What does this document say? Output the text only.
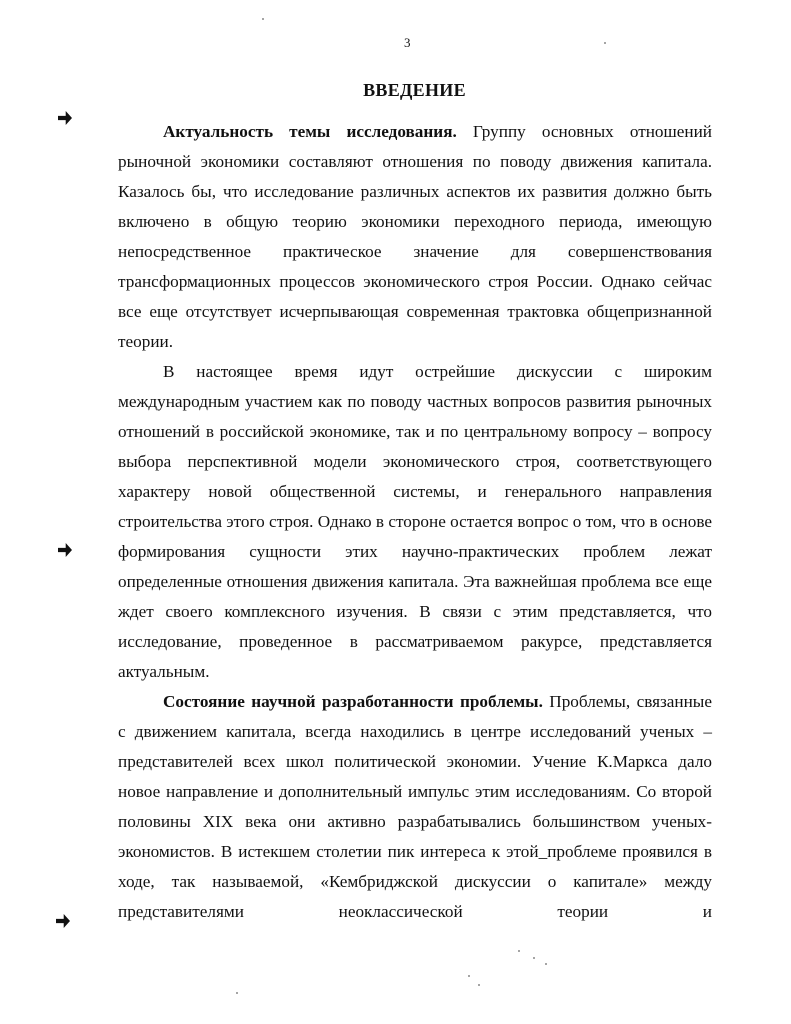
3
ВВЕДЕНИЕ

Актуальность темы исследования. Группу основных отношений рыночной экономики составляют отношения по поводу движения капитала. Казалось бы, что исследование различных аспектов их развития должно быть включено в общую теорию экономики переходного периода, имеющую непосредственное практическое значение для совершенствования трансформационных процессов экономического строя России. Однако сейчас все еще отсутствует исчерпывающая современная трактовка общепризнанной теории.

В настоящее время идут острейшие дискуссии с широким международным участием как по поводу частных вопросов развития рыночных отношений в российской экономике, так и по центральному вопросу – вопросу выбора перспективной модели экономического строя, соответствующего характеру новой общественной системы, и генерального направления строительства этого строя. Однако в стороне остается вопрос о том, что в основе формирования сущности этих научно-практических проблем лежат определенные отношения движения капитала. Эта важнейшая проблема все еще ждет своего комплексного изучения. В связи с этим представляется, что исследование, проведенное в рассматриваемом ракурсе, представляется актуальным.

Состояние научной разработанности проблемы. Проблемы, связанные с движением капитала, всегда находились в центре исследований ученых – представителей всех школ политической экономии. Учение К.Маркса дало новое направление и дополнительный импульс этим исследованиям. Со второй половины XIX века они активно разрабатывались большинством ученых-экономистов. В истекшем столетии пик интереса к этой_проблеме проявился в ходе, так называемой, «Кембриджской дискуссии о капитале» между представителями неоклассической теории и
